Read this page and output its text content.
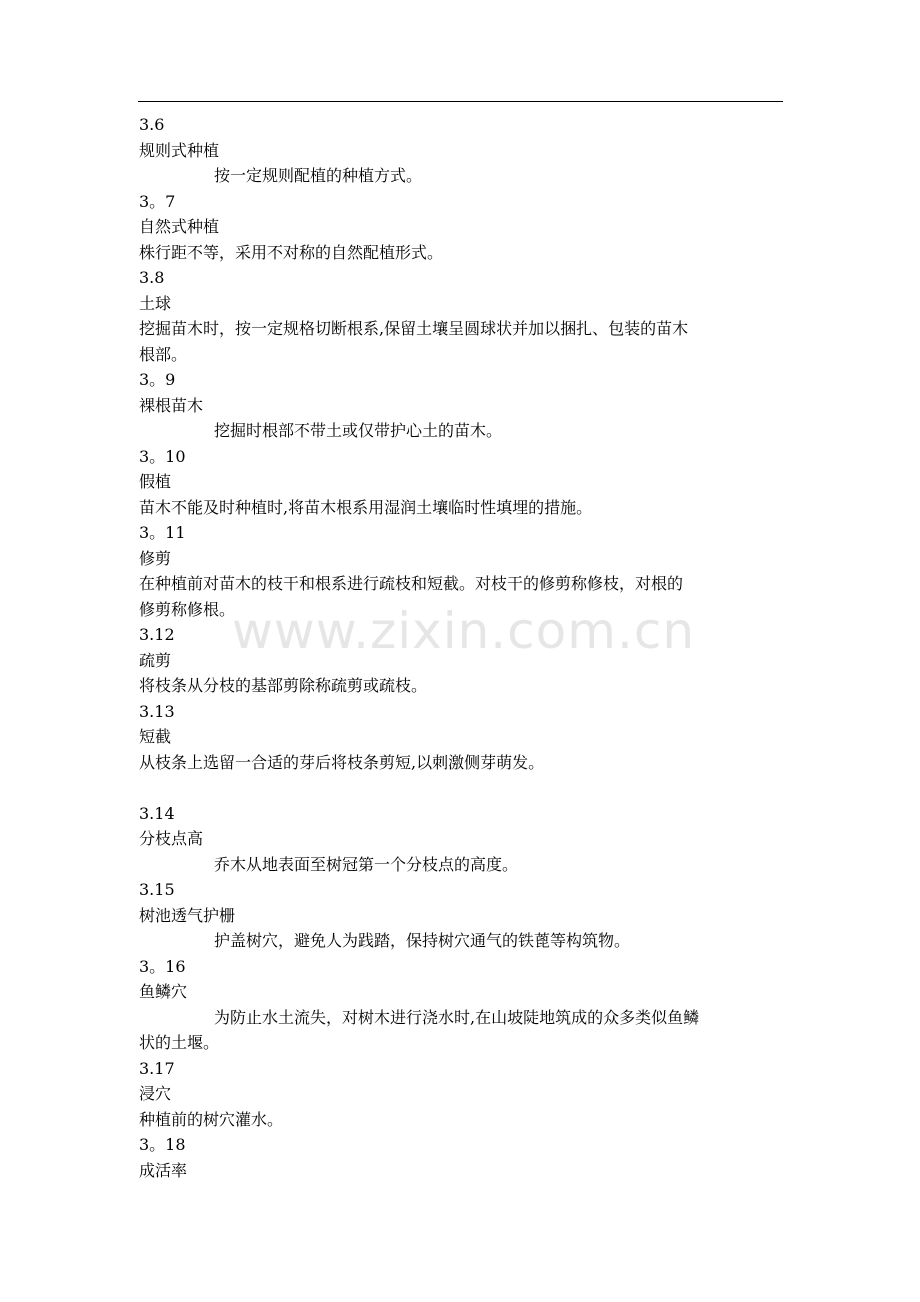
3.6
规则式种植
按一定规则配植的种植方式。
3。7
自然式种植
株行距不等，采用不对称的自然配植形式。
3.8
土球
挖掘苗木时，按一定规格切断根系,保留土壤呈圆球状并加以捆扎、包装的苗木
根部。
3。9
裸根苗木
挖掘时根部不带土或仅带护心土的苗木。
3。10
假植
苗木不能及时种植时,将苗木根系用湿润土壤临时性填埋的措施。
3。11
修剪
在种植前对苗木的枝干和根系进行疏枝和短截。对枝干的修剪称修枝，对根的
修剪称修根。
3.12
疏剪
将枝条从分枝的基部剪除称疏剪或疏枝。
3.13
短截
从枝条上选留一合适的芽后将枝条剪短,以刺激侧芽萌发。
3.14
分枝点高
乔木从地表面至树冠第一个分枝点的高度。
3.15
树池透气护栅
护盖树穴，避免人为践踏，保持树穴通气的铁蓖等构筑物。
3。16
鱼鳞穴
为防止水土流失，对树木进行浇水时,在山坡陡地筑成的众多类似鱼鳞
状的土堰。
3.17
浸穴
种植前的树穴灌水。
3。18
成活率
www.zixin.com.cn
